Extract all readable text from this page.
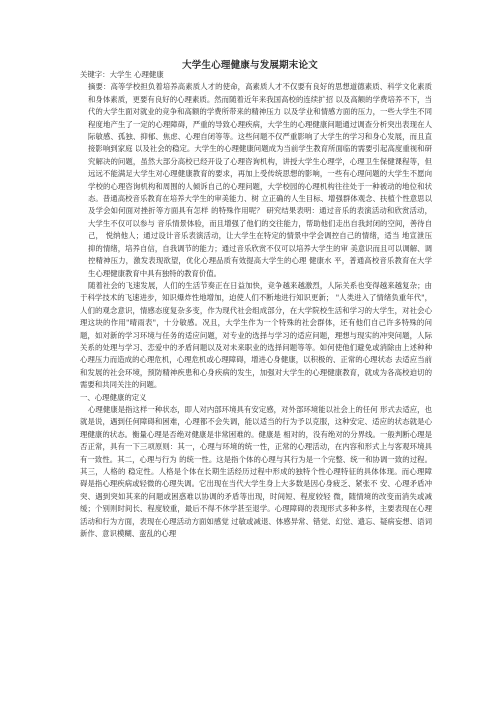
大学生心理健康与发展期末论文

关键字：大学生 心理健康

摘要：高等学校担负着培养高素质人才的使命，高素质人才不仅要有良好的思想道德素质、科学文化素质和身体素质，更要有良好的心理素质。然而随着近年来我国高校的连续扩招 以及高额的学费培养不下，当代的大学生面对就业的竞争和高额的学费所带来的精神压力 以及学业和情感方面的压力，一些大学生不同程度地产生了一定的心理障碍，严重的导致心理疾病，大学生的心理健康问题通过调查分析突出表现在人际敏感、孤独、抑郁、焦虑、心理自闭等等。这些问题不仅严重影响了大学生的学习和身心发展，而且直接影响到家庭 以及社会的稳定。大学生的心理健康问题成为当前学生教育所面临的需要引起高度重视和研究解决的问题，虽然大部分高校已经开设了心理咨询机构，讲授大学生心理学，心理卫生保健课程等，但远远不能满足大学生对心理健康教育的要求，再加上受传统思想的影响，一些有心理问题的大学生不愿向学校的心理咨询机构和周围的人倾诉自己的心理问题，大学校园的心理机构往往处于一种被动的地位和状态。普通高校音乐教育在培养大学生的审美能力、树 立正确的人生目标、增强群体观念、扶植个性意思以及学会如何面对挫折等方面具有怎样 的特殊作用呢？ 研究结果表明：通过音乐的表演活动和欣赏活动，大学生不仅可以参与 音乐情景体验，而且增强了他们的交往能力，帮助他们走出自我封闭的空间，善待自己， 悦纳他人；通过设计音乐表演活动，让大学生在特定的情景中学会调控自己的情绪，适当 地宣泄压抑的情绪，培养自信，自我调节的能力；通过音乐欣赏不仅可以培养大学生的审 美意识而且可以调解、调控精神压力，激发表现欲望，优化心理品质有效提高大学生的心理 健康水 平，普通高校音乐教育在大学生心理健康教育中具有独特的教育价值。

随着社会的飞速发展，人们的生活节奏正在日益加快，竞争越来越激烈，人际关系也变得越来越复杂；由于科学技术的飞速进步，知识爆炸性地增加，迫使人们不断地进行知识更新； "人类进入了情绪负重年代"，人们的观念意识，情感态度复杂多变，作为现代社会组成部分，在大学院校生活和学习的大学生，对社会心理这块的作用"晴雨表"，十分敏感。况且，大学生作为一个特殊的社会群体，还有他们自己许多特殊的问题，如对新的学习环境与任务的适应问题，对专业的选择与学习的适应问题，理想与现实的冲突问题，人际关系的处理与学习、恋爱中的矛盾问题以及对未来职业的选择问题等等。如何使他们避免或消除由上述种种心理压力而造成的心理危机，心理危机或心理障碍，增进心身健康，以积极的、正常的心理状态 去适应当前和发展的社会环境，预防精神疾患和心身疾病的发生，加强对大学生的心理健康教育，就成为各高校迫切的需要和共同关注的问题。

一、心理健康的定义

心理健康是指这样一种状态，即人对内部环境具有安定感，对外部环境能以社会上的任何 形式去适应，也就是说，遇到任何障碍和困难，心理都不会失调，能以适当的行为予以克服，这种安定、适应的状态就是心理健康的状态。衡量心理是否绝对健康是非常困难的。健康是 相对的，没有绝对的分界线。一般判断心理是否正常，具有一下三项原则：其一，心理与环境的统一性，正常的心理活动，在内容和形式上与客观环境具有一致性。其二，心理与行为 的统一性。这是指个体的心理与其行为是一个完整、统一和协调一致的过程。其三，人格的 稳定性。人格是个体在长期生活经历过程中形成的独特个性心理特征的具体体现。而心理障 碍是指心理疾病或轻微的心理失调。它出现在当代大学生身上大多数是因心身疲乏、紧张不 安、心理矛盾冲突、遇到突如其来的问题或困惑难以协调的矛盾等出现，时间短、程度较轻 微，随情境的改变而消失或减缓；个别则时间长、程度较重，最后不得不休学甚至退学。心理障碍的表现形式多种多样，主要表现在心理活动和行为方面，表现在心理活动方面如感觉 过敏或减退、体感异常、错觉、幻觉、遗忘、疑病妄想、语词新作、意识模糊、蛮乱的心理
